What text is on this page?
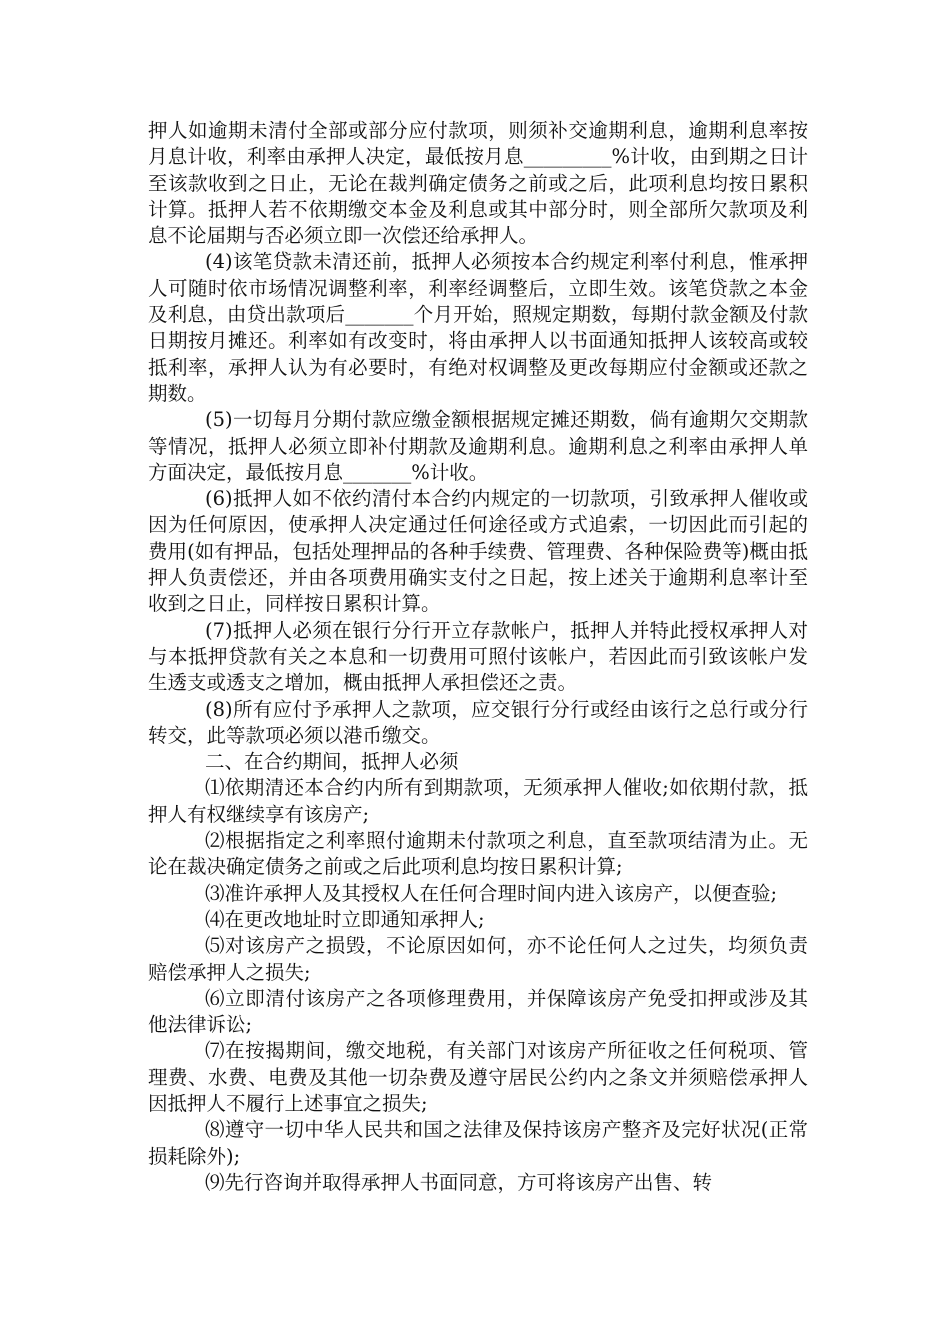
押人如逾期未清付全部或部分应付款项，则须补交逾期利息，逾期利息率按月息计收，利率由承押人决定，最低按月息_________%计收，由到期之日计至该款收到之日止，无论在裁判确定债务之前或之后，此项利息均按日累积计算。抵押人若不依期缴交本金及利息或其中部分时，则全部所欠款项及利息不论届期与否必须立即一次偿还给承押人。

(4)该笔贷款未清还前，抵押人必须按本合约规定利率付利息，惟承押人可随时依市场情况调整利率，利率经调整后，立即生效。该笔贷款之本金及利息，由贷出款项后_______个月开始，照规定期数，每期付款金额及付款日期按月摊还。利率如有改变时，将由承押人以书面通知抵押人该较高或较抵利率，承押人认为有必要时，有绝对权调整及更改每期应付金额或还款之期数。

(5)一切每月分期付款应缴金额根据规定摊还期数，倘有逾期欠交期款等情况，抵押人必须立即补付期款及逾期利息。逾期利息之利率由承押人单方面决定，最低按月息_______%计收。

(6)抵押人如不依约清付本合约内规定的一切款项，引致承押人催收或因为任何原因，使承押人决定通过任何途径或方式追索，一切因此而引起的费用(如有押品，包括处理押品的各种手续费、管理费、各种保险费等)概由抵押人负责偿还，并由各项费用确实支付之日起，按上述关于逾期利息率计至收到之日止，同样按日累积计算。

(7)抵押人必须在银行分行开立存款帐户，抵押人并特此授权承押人对与本抵押贷款有关之本息和一切费用可照付该帐户，若因此而引致该帐户发生透支或透支之增加，概由抵押人承担偿还之责。

(8)所有应付予承押人之款项，应交银行分行或经由该行之总行或分行转交，此等款项必须以港币缴交。

二、在合约期间，抵押人必须

⑴依期清还本合约内所有到期款项，无须承押人催收;如依期付款，抵押人有权继续享有该房产;

⑵根据指定之利率照付逾期未付款项之利息，直至款项结清为止。无论在裁决确定债务之前或之后此项利息均按日累积计算;

⑶准许承押人及其授权人在任何合理时间内进入该房产，以便查验;

⑷在更改地址时立即通知承押人;

⑸对该房产之损毁，不论原因如何，亦不论任何人之过失，均须负责赔偿承押人之损失;

⑹立即清付该房产之各项修理费用，并保障该房产免受扣押或涉及其他法律诉讼;

⑺在按揭期间，缴交地税，有关部门对该房产所征收之任何税项、管理费、水费、电费及其他一切杂费及遵守居民公约内之条文并须赔偿承押人因抵押人不履行上述事宜之损失;

⑻遵守一切中华人民共和国之法律及保持该房产整齐及完好状况(正常损耗除外);

⑼先行咨询并取得承押人书面同意，方可将该房产出售、转
